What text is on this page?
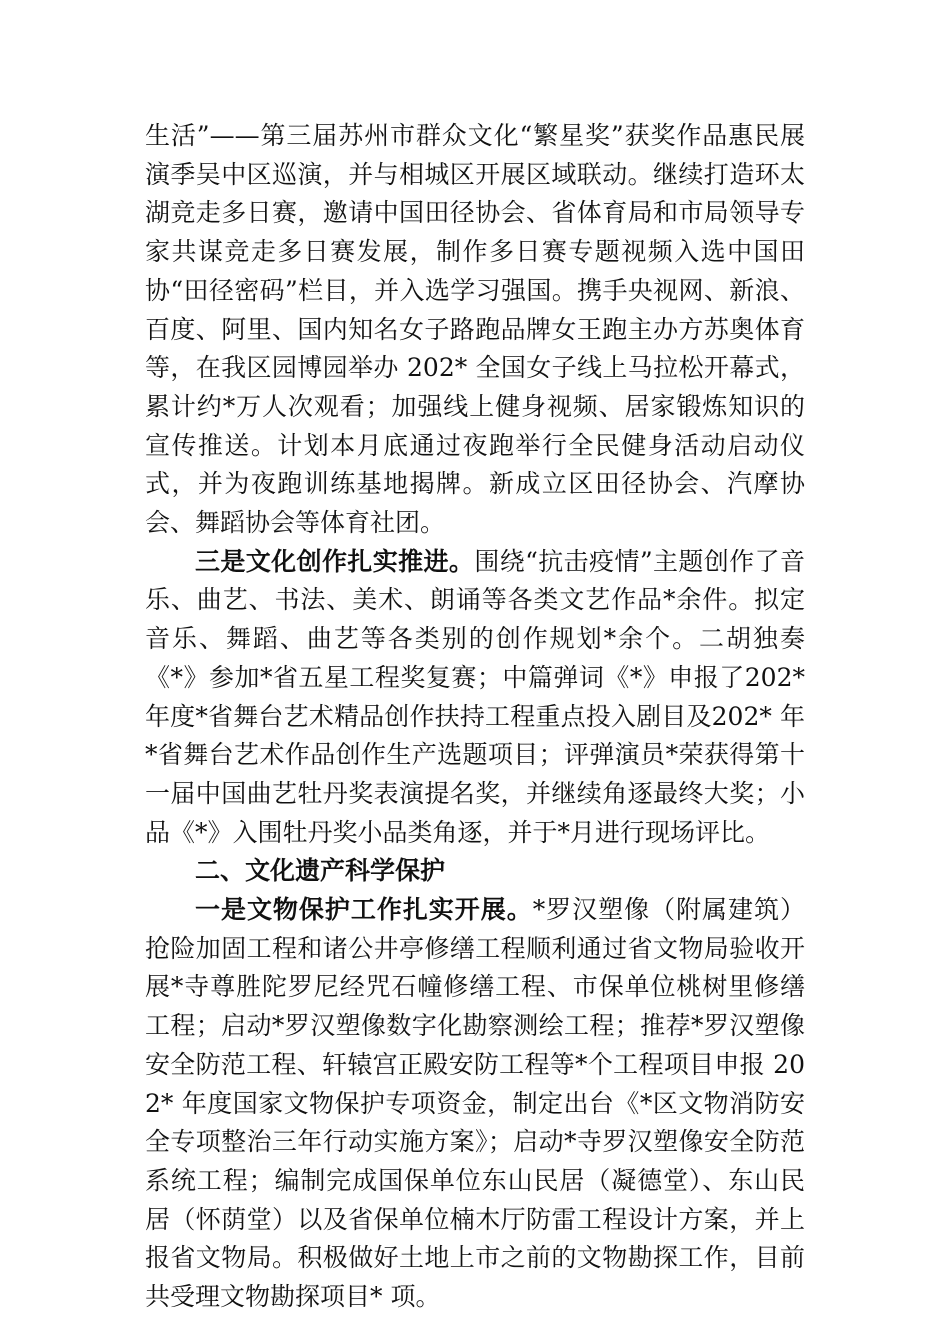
生活”——第三届苏州市群众文化“繁星奖”获奖作品惠民展演季吴中区巡演，并与相城区开展区域联动。继续打造环太湖竞走多日赛，邀请中国田径协会、省体育局和市局领导专家共谋竞走多日赛发展，制作多日赛专题视频入选中国田协“田径密码”栏目，并入选学习强国。携手央视网、新浪、百度、阿里、国内知名女子路跑品牌女王跑主办方苏奥体育等，在我区园博园举办 202* 全国女子线上马拉松开幕式，累计约*万人次观看；加强线上健身视频、居家锻炼知识的宣传推送。计划本月底通过夜跑举行全民健身活动启动仪式，并为夜跑训练基地揭牌。新成立区田径协会、汽摩协会、舞蹈协会等体育社团。

三是文化创作扎实推进。围绕“抗击疫情”主题创作了音乐、曲艺、书法、美术、朗诵等各类文艺作品*余件。拟定音乐、舞蹈、曲艺等各类别的创作规划*余个。二胡独奏《*》参加*省五星工程奖复赛；中篇弹词《*》申报了202*年度*省舞台艺术精品创作扶持工程重点投入剧目及202* 年*省舞台艺术作品创作生产选题项目；评弹演员*荣获得第十一届中国曲艺牡丹奖表演提名奖，并继续角逐最终大奖；小品《*》入围牡丹奖小品类角逐，并于*月进行现场评比。

二、文化遗产科学保护

一是文物保护工作扎实开展。*罗汉塑像（附属建筑）抢险加固工程和诸公井亭修缮工程顺利通过省文物局验收开展*寺尊胜陀罗尼经咒石幢修缮工程、市保单位桃树里修缮工程；启动*罗汉塑像数字化勘察测绘工程；推荐*罗汉塑像安全防范工程、轩辕宫正殿安防工程等*个工程项目申报 202* 年度国家文物保护专项资金，制定出台《*区文物消防安全专项整治三年行动实施方案》；启动*寺罗汉塑像安全防范系统工程；编制完成国保单位东山民居（凝德堂）、东山民居（怀荫堂）以及省保单位楠木厅防雷工程设计方案，并上报省文物局。积极做好土地上市之前的文物勘探工作，目前共受理文物勘探项目* 项。
